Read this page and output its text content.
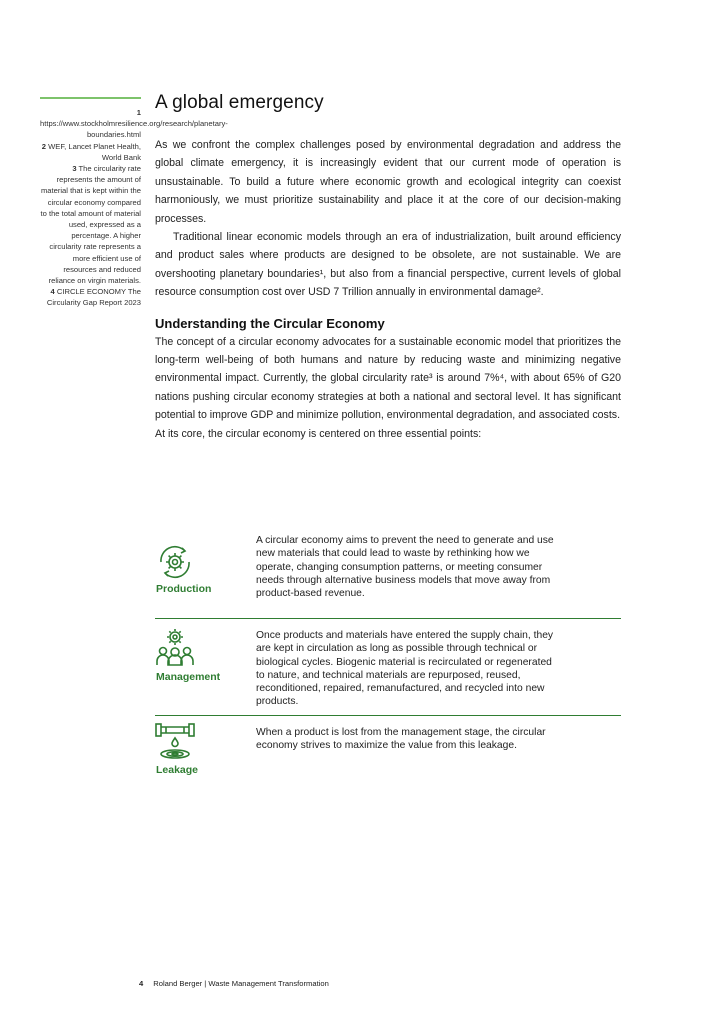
1 https://www.stockholmresilience.org/research/planetary-boundaries.html

2 WEF, Lancet Planet Health, World Bank

3 The circularity rate represents the amount of material that is kept within the circular economy compared to the total amount of material used, expressed as a percentage. A higher circularity rate represents a more efficient use of resources and reduced reliance on virgin materials.

4 CIRCLE ECONOMY The Circularity Gap Report 2023

A global emergency

As we confront the complex challenges posed by environmental degradation and address the global climate emergency, it is increasingly evident that our current mode of operation is unsustainable. To build a future where economic growth and ecological integrity can coexist harmoniously, we must prioritize sustainability and place it at the core of our decision-making processes.

Traditional linear economic models through an era of industrialization, built around efficiency and product sales where products are designed to be obsolete, are not sustainable. We are overshooting planetary boundaries¹, but also from a financial perspective, current levels of global resource consumption cost over USD 7 Trillion annually in environmental damage².

Understanding the Circular Economy

The concept of a circular economy advocates for a sustainable economic model that prioritizes the long-term well-being of both humans and nature by reducing waste and minimizing negative environmental impact. Currently, the global circularity rate³ is around 7%⁴, with about 65% of G20 nations pushing circular economy strategies at both a national and sectoral level. It has significant potential to improve GDP and minimize pollution, environmental degradation, and associated costs.

At its core, the circular economy is centered on three essential points:

Production

A circular economy aims to prevent the need to generate and use new materials that could lead to waste by rethinking how we operate, changing consumption patterns, or meeting consumer needs through alternative business models that move away from product-based revenue.

Management

Once products and materials have entered the supply chain, they are kept in circulation as long as possible through technical or biological cycles. Biogenic material is recirculated or regenerated to nature, and technical materials are repurposed, reused, reconditioned, repaired, remanufactured, and recycled into new products.

Leakage

When a product is lost from the management stage, the circular economy strives to maximize the value from this leakage.

4 Roland Berger | Waste Management Transformation
